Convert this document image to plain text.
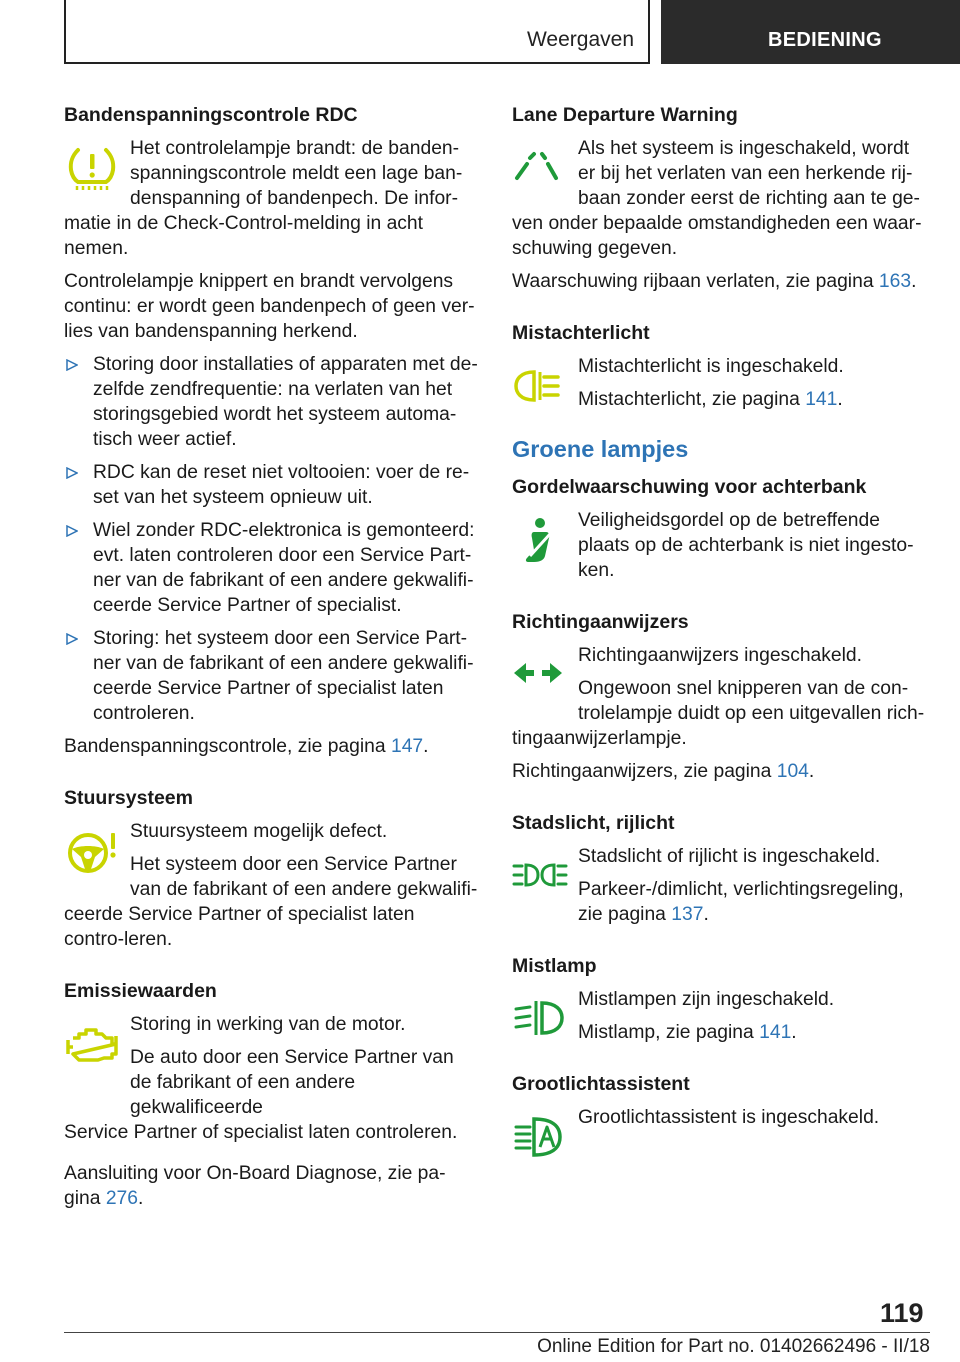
Weergaven	BEDIENING
Bandenspanningscontrole RDC

Het controlelampje brandt: de banden-spanningscontrole meldt een lage ban-denspanning of bandenpech. De infor-

matie in de Check-Control-melding in acht nemen.

Controlelampje knippert en brandt vervolgens continu: er wordt geen bandenpech of geen ver-lies van bandenspanning herkend.

Storing door installaties of apparaten met de-zelfde zendfrequentie: na verlaten van het storingsgebied wordt het systeem automa-tisch weer actief.
RDC kan de reset niet voltooien: voer de re-set van het systeem opnieuw uit.
Wiel zonder RDC-elektronica is gemonteerd: evt. laten controleren door een Service Part-ner van de fabrikant of een andere gekwalifi-ceerde Service Partner of specialist.
Storing: het systeem door een Service Part-ner van de fabrikant of een andere gekwalifi-ceerde Service Partner of specialist laten controleren.

Bandenspanningscontrole, zie pagina 147.

Stuursysteem

Stuursysteem mogelijk defect.

Het systeem door een Service Partner van de fabrikant of een andere gekwalifi-

ceerde Service Partner of specialist laten contro-leren.

Emissiewaarden

Storing in werking van de motor.

De auto door een Service Partner van de fabrikant of een andere gekwalificeerde

Service Partner of specialist laten controleren.

Aansluiting voor On-Board Diagnose, zie pa-gina 276.

Lane Departure Warning

Als het systeem is ingeschakeld, wordt er bij het verlaten van een herkende rij-baan zonder eerst de richting aan te ge-

ven onder bepaalde omstandigheden een waar-schuwing gegeven.

Waarschuwing rijbaan verlaten, zie pagina 163.

Mistachterlicht

Mistachterlicht is ingeschakeld.

Mistachterlicht, zie pagina 141.

Groene lampjes
Gordelwaarschuwing voor achterbank

Veiligheidsgordel op de betreffende plaats op de achterbank is niet ingesto-ken.

Richtingaanwijzers

Richtingaanwijzers ingeschakeld.

Ongewoon snel knipperen van de con-trolelampje duidt op een uitgevallen rich-

tingaanwijzerlampje.

Richtingaanwijzers, zie pagina 104.

Stadslicht, rijlicht

Stadslicht of rijlicht is ingeschakeld.

Parkeer-/dimlicht, verlichtingsregeling, zie pagina 137.

Mistlamp

Mistlampen zijn ingeschakeld.

Mistlamp, zie pagina 141.

Grootlichtassistent

Grootlichtassistent is ingeschakeld.

119
Online Edition for Part no. 01402662496 - II/18
